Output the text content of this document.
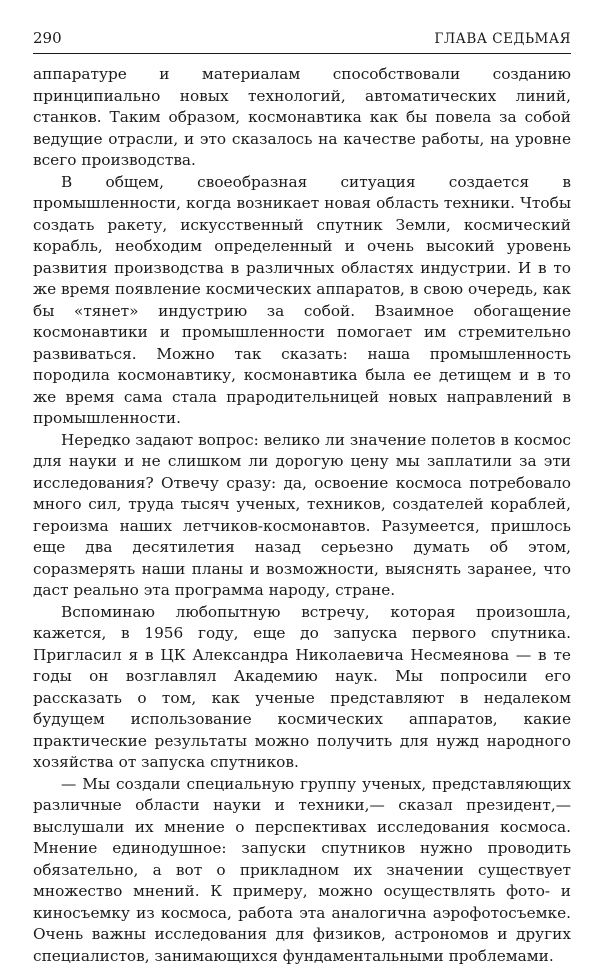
290	ГЛАВА СЕДЬМАЯ

аппаратуре и материалам способствовали созданию принципиально новых технологий, автоматических линий, станков. Таким образом, космонавтика как бы повела за собой ведущие отрасли, и это сказалось на качестве работы, на уровне всего производства.

В общем, своеобразная ситуация создается в промышленности, когда возникает новая область техники. Чтобы создать ракету, искусственный спутник Земли, космический корабль, необходим определенный и очень высокий уровень развития производства в различных областях индустрии. И в то же время появление космических аппаратов, в свою очередь, как бы «тянет» индустрию за собой. Взаимное обогащение космонавтики и промышленности помогает им стремительно развиваться. Можно так сказать: наша промышленность породила космонавтику, космонавтика была ее детищем и в то же время сама стала прародительницей новых направлений в промышленности.

Нередко задают вопрос: велико ли значение полетов в космос для науки и не слишком ли дорогую цену мы заплатили за эти исследования? Отвечу сразу: да, освоение космоса потребовало много сил, труда тысяч ученых, техников, создателей кораблей, героизма наших летчиков-космонавтов. Разумеется, пришлось еще два десятилетия назад серьезно думать об этом, соразмерять наши планы и возможности, выяснять заранее, что даст реально эта программа народу, стране.

Вспоминаю любопытную встречу, которая произошла, кажется, в 1956 году, еще до запуска первого спутника. Пригласил я в ЦК Александра Николаевича Несмеянова — в те годы он возглавлял Академию наук. Мы попросили его рассказать о том, как ученые представляют в недалеком будущем использование космических аппаратов, какие практические результаты можно получить для нужд народного хозяйства от запуска спутников.

— Мы создали специальную группу ученых, представляющих различные области науки и техники,— сказал президент,— выслушали их мнение о перспективах исследования космоса. Мнение единодушное: запуски спутников нужно проводить обязательно, а вот о прикладном их значении существует множество мнений. К примеру, можно осуществлять фото- и киносъемку из космоса, работа эта аналогична аэрофотосъемке. Очень важны исследования для физиков, астрономов и других специалистов, занимающихся фундаментальными проблемами.
